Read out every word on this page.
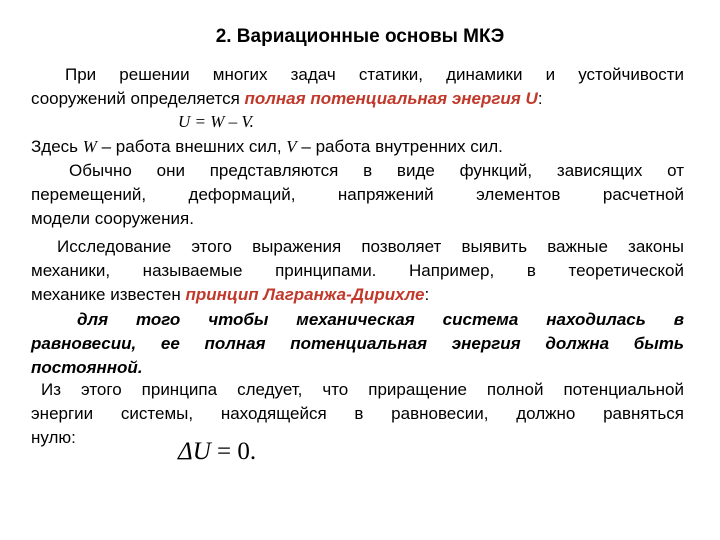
2. Вариационные основы МКЭ
При решении многих задач статики, динамики и устойчивости
сооружений определяется полная потенциальная энергия U:
U = W – V.
Здесь W – работа внешних сил, V – работа внутренних сил.
Обычно они представляются в виде функций, зависящих от
перемещений, деформаций, напряжений элементов расчетной
модели сооружения.
Исследование этого выражения позволяет выявить важные законы
механики, называемые принципами. Например, в теоретической
механике известен принцип Лагранжа-Дирихле:
для того чтобы механическая система находилась в
равновесии, ее полная потенциальная энергия должна быть
постоянной.
Из этого принципа следует, что приращение полной потенциальной
энергии системы, находящейся в равновесии, должно равняться
нулю:
ΔU = 0.
